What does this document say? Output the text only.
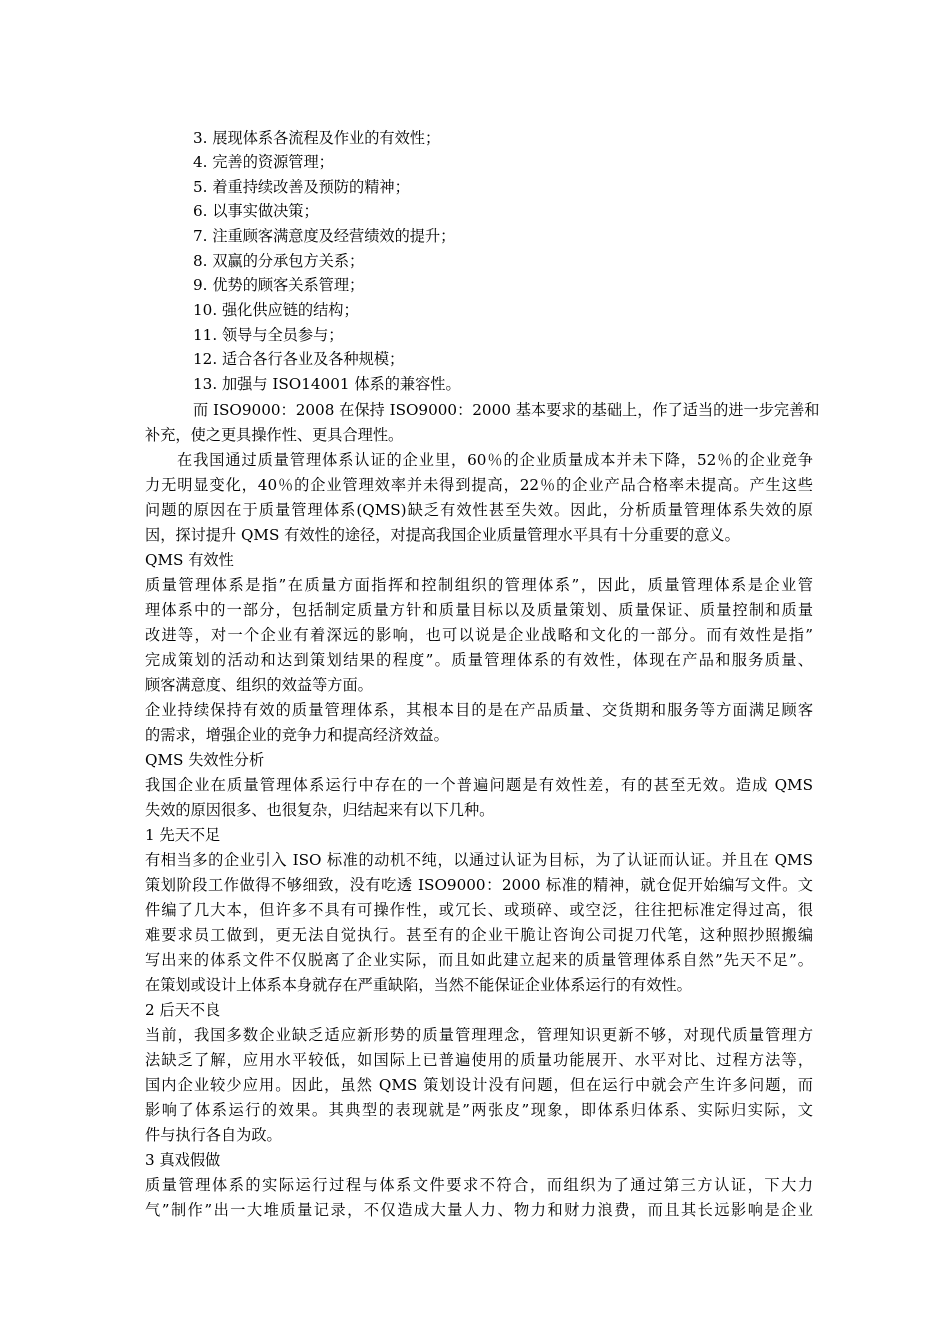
3. 展现体系各流程及作业的有效性；
4. 完善的资源管理；
5. 着重持续改善及预防的精神；
6. 以事实做决策；
7. 注重顾客满意度及经营绩效的提升；
8. 双赢的分承包方关系；
9. 优势的顾客关系管理；
10. 强化供应链的结构；
11. 领导与全员参与；
12. 适合各行各业及各种规模；
13. 加强与 ISO14001 体系的兼容性。
而 ISO9000：2008 在保持 ISO9000：2000 基本要求的基础上，作了适当的进一步完善和
补充，使之更具操作性、更具合理性。
在我国通过质量管理体系认证的企业里，60％的企业质量成本并未下降，52％的企业竞争
力无明显变化，40％的企业管理效率并未得到提高，22％的企业产品合格率未提高。产生这些
问题的原因在于质量管理体系(QMS)缺乏有效性甚至失效。因此，分析质量管理体系失效的原
因，探讨提升 QMS 有效性的途径，对提高我国企业质量管理水平具有十分重要的意义。
QMS 有效性
质量管理体系是指”在质量方面指挥和控制组织的管理体系”，因此，质量管理体系是企业管
理体系中的一部分，包括制定质量方针和质量目标以及质量策划、质量保证、质量控制和质量
改进等，对一个企业有着深远的影响，也可以说是企业战略和文化的一部分。而有效性是指”
完成策划的活动和达到策划结果的程度”。质量管理体系的有效性，体现在产品和服务质量、
顾客满意度、组织的效益等方面。
企业持续保持有效的质量管理体系，其根本目的是在产品质量、交货期和服务等方面满足顾客
的需求，增强企业的竞争力和提高经济效益。
QMS 失效性分析
我国企业在质量管理体系运行中存在的一个普遍问题是有效性差，有的甚至无效。造成 QMS
失效的原因很多、也很复杂，归结起来有以下几种。
1 先天不足
有相当多的企业引入 ISO 标准的动机不纯，以通过认证为目标，为了认证而认证。并且在 QMS
策划阶段工作做得不够细致，没有吃透 ISO9000：2000 标准的精神，就仓促开始编写文件。文
件编了几大本，但许多不具有可操作性，或冗长、或琐碎、或空泛，往往把标准定得过高，很
难要求员工做到，更无法自觉执行。甚至有的企业干脆让咨询公司捉刀代笔，这种照抄照搬编
写出来的体系文件不仅脱离了企业实际，而且如此建立起来的质量管理体系自然”先天不足”。
在策划或设计上体系本身就存在严重缺陷，当然不能保证企业体系运行的有效性。
2 后天不良
当前，我国多数企业缺乏适应新形势的质量管理理念，管理知识更新不够，对现代质量管理方
法缺乏了解，应用水平较低，如国际上已普遍使用的质量功能展开、水平对比、过程方法等，
国内企业较少应用。因此，虽然 QMS 策划设计没有问题，但在运行中就会产生许多问题，而
影响了体系运行的效果。其典型的表现就是”两张皮”现象，即体系归体系、实际归实际，文
件与执行各自为政。
3 真戏假做
质量管理体系的实际运行过程与体系文件要求不符合，而组织为了通过第三方认证，下大力
气”制作”出一大堆质量记录，不仅造成大量人力、物力和财力浪费，而且其长远影响是企业
